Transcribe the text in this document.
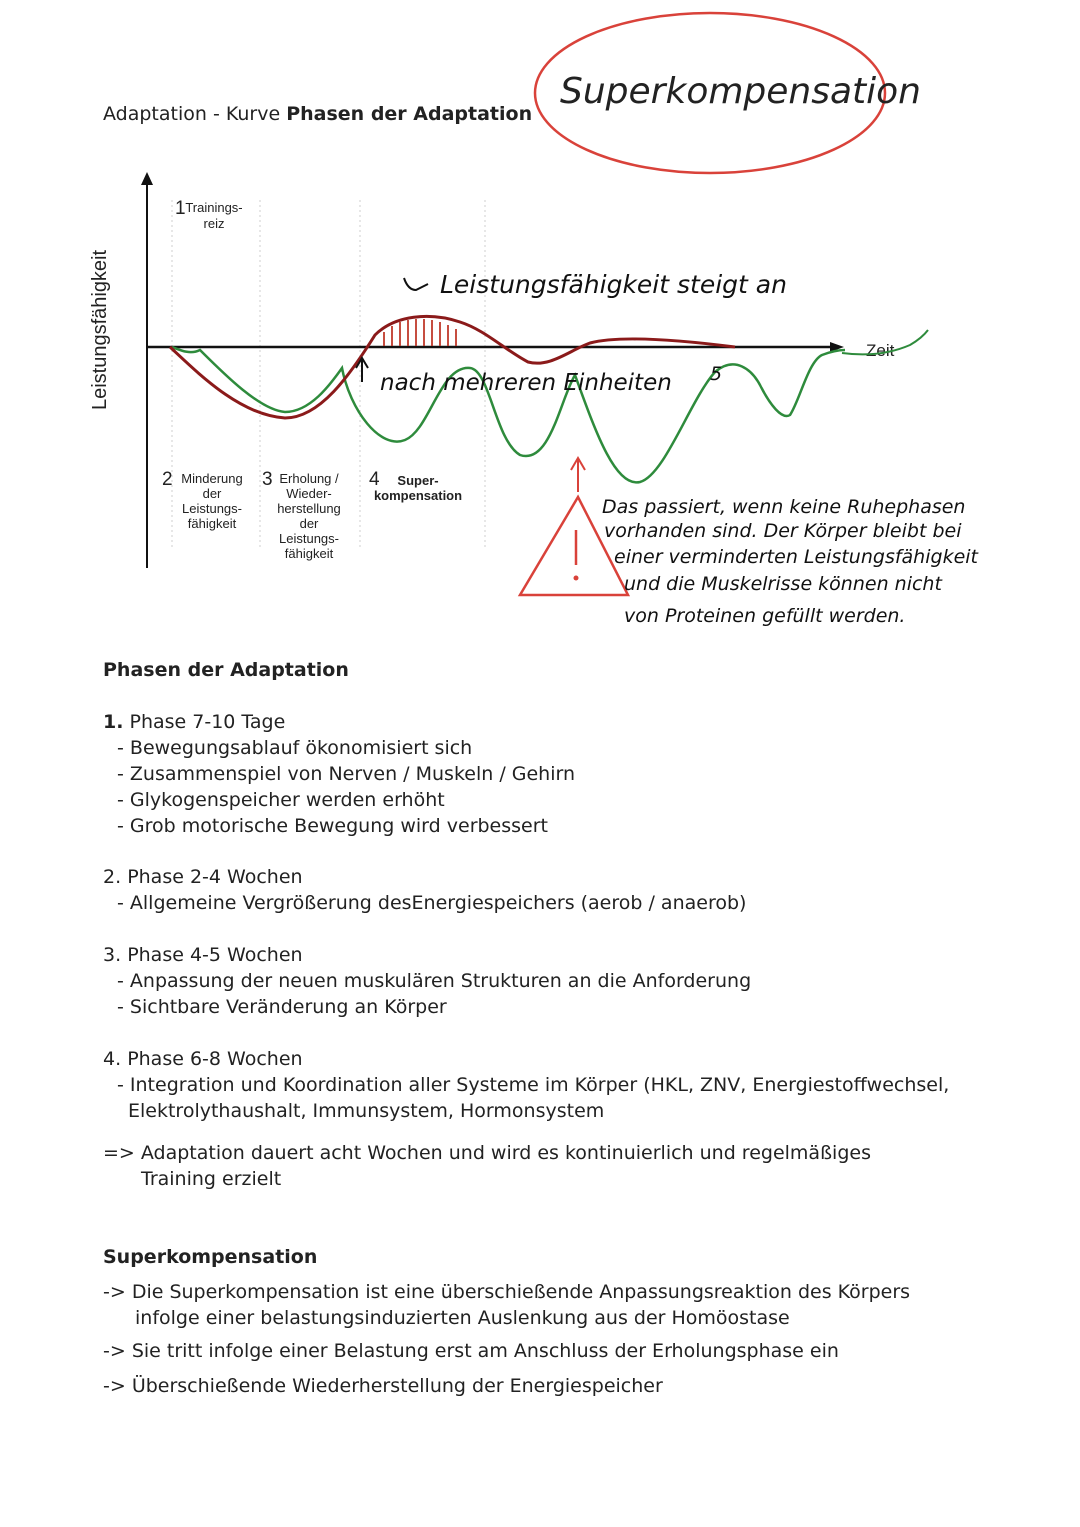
Adaptation - Kurve Phasen der Adaptation
Superkompensation
Leistungsfähigkeit	Zeit
1 Trainings-
reiz
2 Minderung
der
Leistungs-
fähigkeit
3 Erholung /
Wieder-
herstellung
der
Leistungs-
fähigkeit
4 Super-
kompensation
Leistungsfähigkeit steigt an
nach mehreren Einheiten 5
Das passiert, wenn keine Ruhephasen
vorhanden sind. Der Körper bleibt bei
einer verminderten Leistungsfähigkeit
und die Muskelrisse können nicht
von Proteinen gefüllt werden.
Phasen der Adaptation
1. Phase 7-10 Tage
- Bewegungsablauf ökonomisiert sich
- Zusammenspiel von Nerven / Muskeln / Gehirn
- Glykogenspeicher werden erhöht
- Grob motorische Bewegung wird verbessert
2. Phase 2-4 Wochen
- Allgemeine Vergrößerung desEnergiespeichers (aerob / anaerob)
3. Phase 4-5 Wochen
- Anpassung der neuen muskulären Strukturen an die Anforderung
- Sichtbare Veränderung an Körper
4. Phase 6-8 Wochen
- Integration und Koordination aller Systeme im Körper (HKL, ZNV, Energiestoffwechsel,
Elektrolythaushalt, Immunsystem, Hormonsystem
=> Adaptation dauert acht Wochen und wird es kontinuierlich und regelmäßiges
Training erzielt
Superkompensation
-> Die Superkompensation ist eine überschießende Anpassungsreaktion des Körpers
infolge einer belastungsinduzierten Auslenkung aus der Homöostase
-> Sie tritt infolge einer Belastung erst am Anschluss der Erholungsphase ein
-> Überschießende Wiederherstellung der Energiespeicher
